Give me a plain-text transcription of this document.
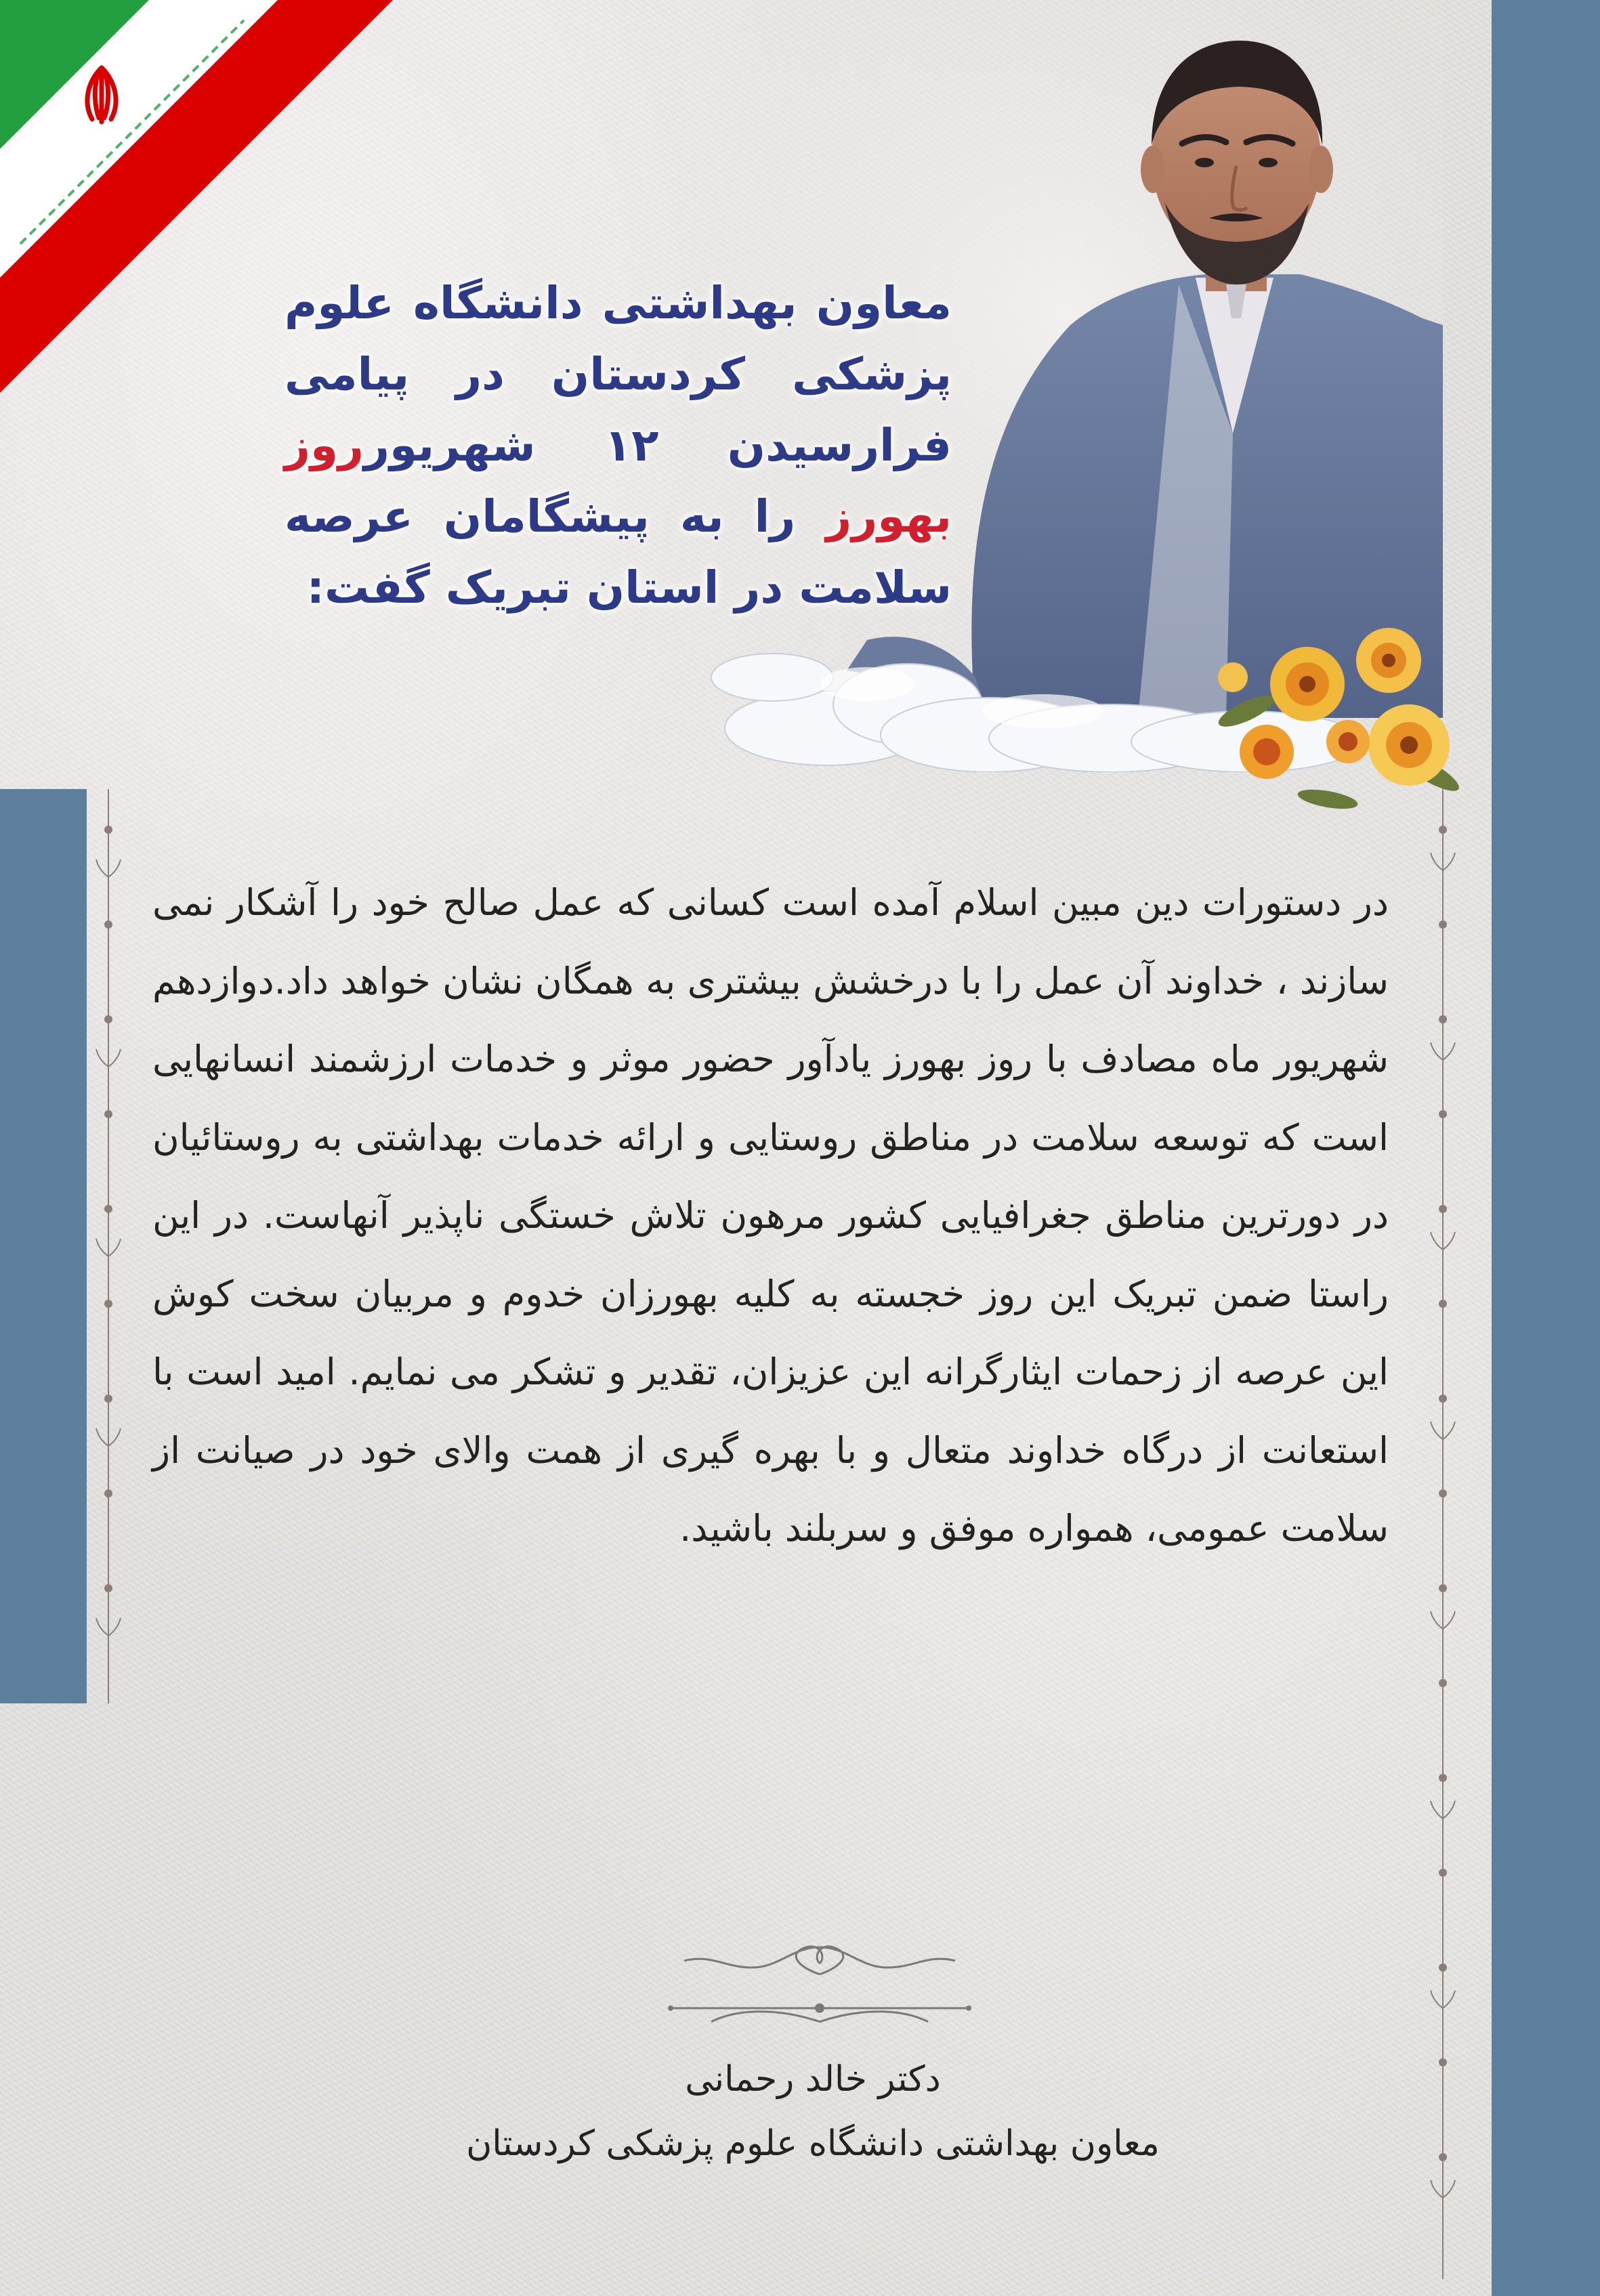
معاون بهداشتی دانشگاه علوم پزشکی کردستان در پیامی فرارسیدن ۱۲ شهریورروز بهورز را به پیشگامان عرصه سلامت در استان تبریک گفت:
در دستورات دین مبین اسلام آمده است کسانی که عمل صالح خود را آشکار نمی سازند ، خداوند آن عمل را با درخشش بیشتری به همگان نشان خواهد داد.دوازدهم شهریور ماه مصادف با روز بهورز یادآور حضور موثر و خدمات ارزشمند انسانهایی است که توسعه سلامت در مناطق روستایی و ارائه خدمات بهداشتی به روستائیان در دورترین مناطق جغرافیایی کشور مرهون تلاش خستگی ناپذیر آنهاست. در این راستا ضمن تبریک این روز خجسته به کلیه بهورزان خدوم و مربیان سخت کوش این عرصه از زحمات ایثارگرانه این عزیزان، تقدیر و تشکر می نمایم. امید است با استعانت از درگاه خداوند متعال و با بهره گیری از همت والای خود در صیانت از سلامت عمومی، همواره موفق و سربلند باشید.
دکتر خالد رحمانی
معاون بهداشتی دانشگاه علوم پزشکی کردستان
